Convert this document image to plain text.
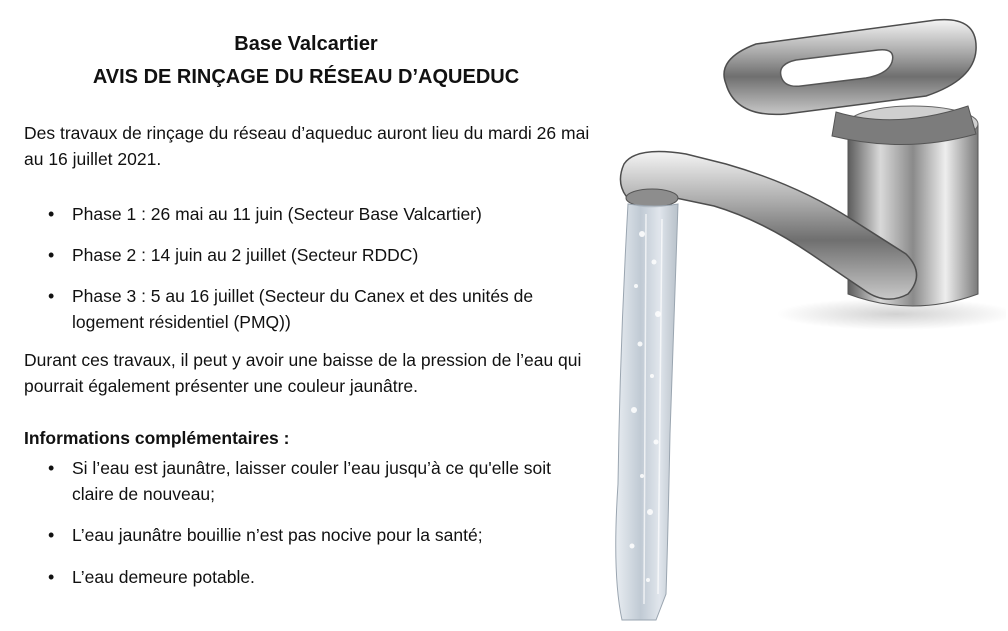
Base Valcartier
AVIS DE RINÇAGE DU RÉSEAU D’AQUEDUC

Des travaux de rinçage du réseau d’aqueduc auront lieu du mardi 26 mai au 16 juillet 2021.

• Phase 1 : 26 mai au 11 juin (Secteur Base Valcartier)

• Phase 2 : 14 juin au 2 juillet (Secteur RDDC)

• Phase 3 : 5 au 16 juillet (Secteur du Canex et des unités de logement résidentiel (PMQ))

Durant ces travaux, il peut y avoir une baisse de la pression de l’eau qui pourrait également présenter une couleur jaunâtre.

Informations complémentaires :

• Si l’eau est jaunâtre, laisser couler l’eau jusqu’à ce qu'elle soit claire de nouveau;

• L’eau jaunâtre bouillie n’est pas nocive pour la santé;

• L’eau demeure potable.
